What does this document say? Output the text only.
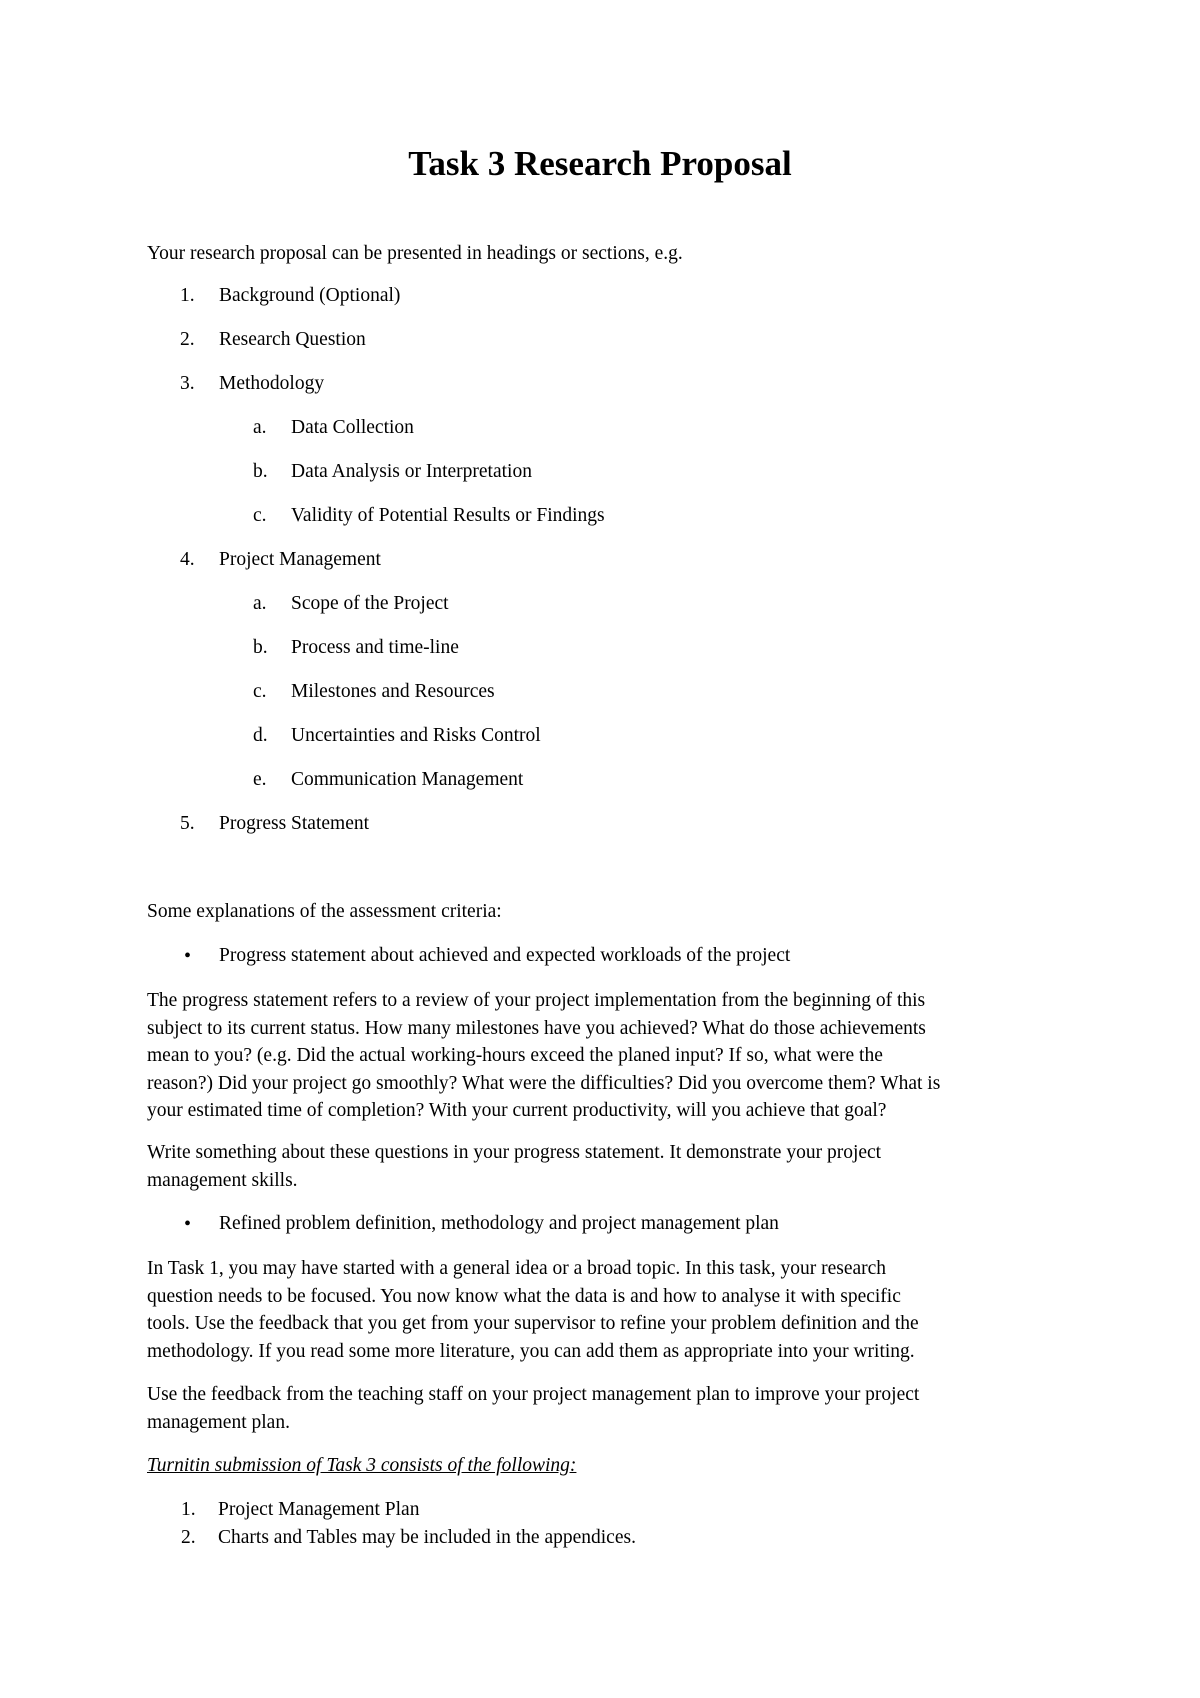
Task 3 Research Proposal
Your research proposal can be presented in headings or sections, e.g.
1. Background (Optional)
2. Research Question
3. Methodology
a. Data Collection
b. Data Analysis or Interpretation
c. Validity of Potential Results or Findings
4. Project Management
a. Scope of the Project
b. Process and time-line
c. Milestones and Resources
d. Uncertainties and Risks Control
e. Communication Management
5. Progress Statement
Some explanations of the assessment criteria:
• Progress statement about achieved and expected workloads of the project
The progress statement refers to a review of your project implementation from the beginning of this
subject to its current status. How many milestones have you achieved? What do those achievements
mean to you? (e.g. Did the actual working-hours exceed the planed input? If so, what were the
reason?) Did your project go smoothly? What were the difficulties? Did you overcome them? What is
your estimated time of completion? With your current productivity, will you achieve that goal?
Write something about these questions in your progress statement. It demonstrate your project
management skills.
• Refined problem definition, methodology and project management plan
In Task 1, you may have started with a general idea or a broad topic. In this task, your research
question needs to be focused. You now know what the data is and how to analyse it with specific
tools. Use the feedback that you get from your supervisor to refine your problem definition and the
methodology. If you read some more literature, you can add them as appropriate into your writing.
Use the feedback from the teaching staff on your project management plan to improve your project
management plan.
Turnitin submission of Task 3 consists of the following:
1. Project Management Plan
2. Charts and Tables may be included in the appendices.
